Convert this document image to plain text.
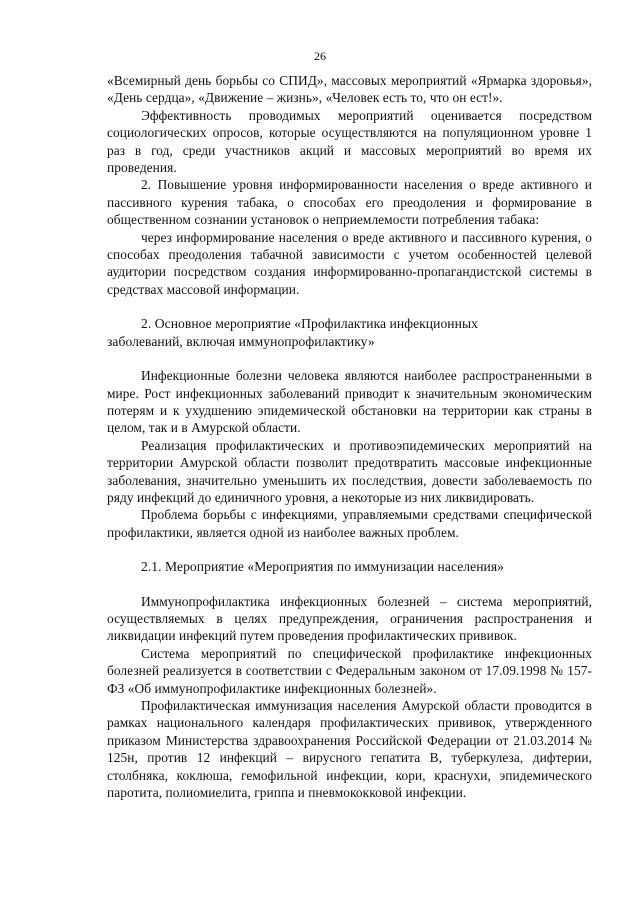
26

«Всемирный день борьбы со СПИД», массовых мероприятий «Ярмарка здоровья», «День сердца», «Движение – жизнь», «Человек есть то, что он ест!».

Эффективность проводимых мероприятий оценивается посредством социологических опросов, которые осуществляются на популяционном уровне 1 раз в год, среди участников акций и массовых мероприятий во время их проведения.

2. Повышение уровня информированности населения о вреде активного и пассивного курения табака, о способах его преодоления и формирование в общественном сознании установок о неприемлемости потребления табака:

через информирование населения о вреде активного и пассивного курения, о способах преодоления табачной зависимости с учетом особенностей целевой аудитории посредством создания информированно-пропагандистской системы в средствах массовой информации.

2. Основное мероприятие «Профилактика инфекционных
заболеваний, включая иммунопрофилактику»

Инфекционные болезни человека являются наиболее распространенными в мире. Рост инфекционных заболеваний приводит к значительным экономическим потерям и к ухудшению эпидемической обстановки на территории как страны в целом, так и в Амурской области.

Реализация профилактических и противоэпидемических мероприятий на территории Амурской области позволит предотвратить массовые инфекционные заболевания, значительно уменьшить их последствия, довести заболеваемость по ряду инфекций до единичного уровня, а некоторые из них ликвидировать.

Проблема борьбы с инфекциями, управляемыми средствами специфической профилактики, является одной из наиболее важных проблем.

2.1. Мероприятие «Мероприятия по иммунизации населения»

Иммунопрофилактика инфекционных болезней – система мероприятий, осуществляемых в целях предупреждения, ограничения распространения и ликвидации инфекций путем проведения профилактических прививок.

Система мероприятий по специфической профилактике инфекционных болезней реализуется в соответствии с Федеральным законом от 17.09.1998 № 157-ФЗ «Об иммунопрофилактике инфекционных болезней».

Профилактическая иммунизация населения Амурской области проводится в рамках национального календаря профилактических прививок, утвержденного приказом Министерства здравоохранения Российской Федерации от 21.03.2014 № 125н, против 12 инфекций – вирусного гепатита В, туберкулеза, дифтерии, столбняка, коклюша, гемофильной инфекции, кори, краснухи, эпидемического паротита, полиомиелита, гриппа и пневмококковой инфекции.
